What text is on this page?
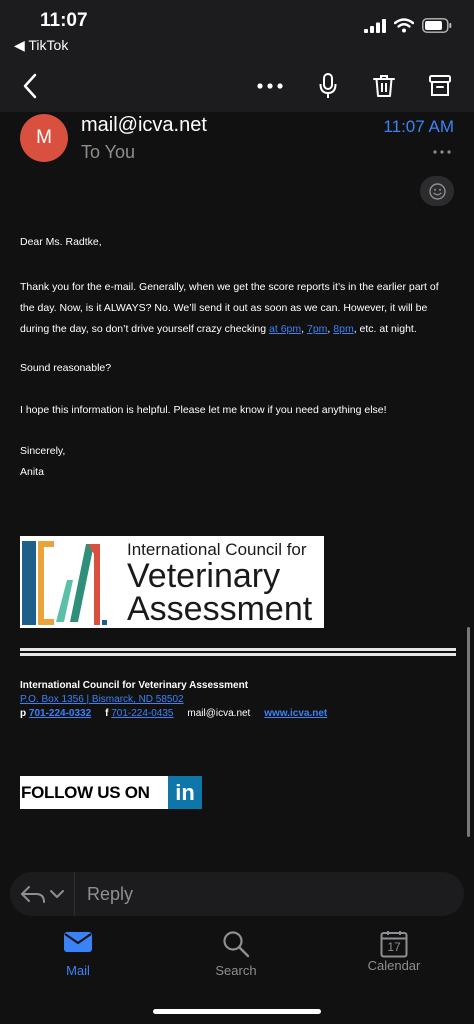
11:07
◀ TikTok
M
mail@icva.net
To You
11:07 AM
Dear Ms. Radtke,
Thank you for the e-mail. Generally, when we get the score reports it’s in the earlier part of the day. Now, is it ALWAYS? No. We’ll send it out as soon as we can. However, it will be during the day, so don’t drive yourself crazy checking at 6pm, 7pm, 8pm, etc. at night.
Sound reasonable?
I hope this information is helpful. Please let me know if you need anything else!
Sincerely,
Anita
International Council for
Veterinary
Assessment
International Council for Veterinary Assessment
P.O. Box 1356 | Bismarck, ND 58502
p 701-224-0332 f 701-224-0435 mail@icva.net www.icva.net
FOLLOW US ON	in
Reply
Mail	Search
17
Calendar
